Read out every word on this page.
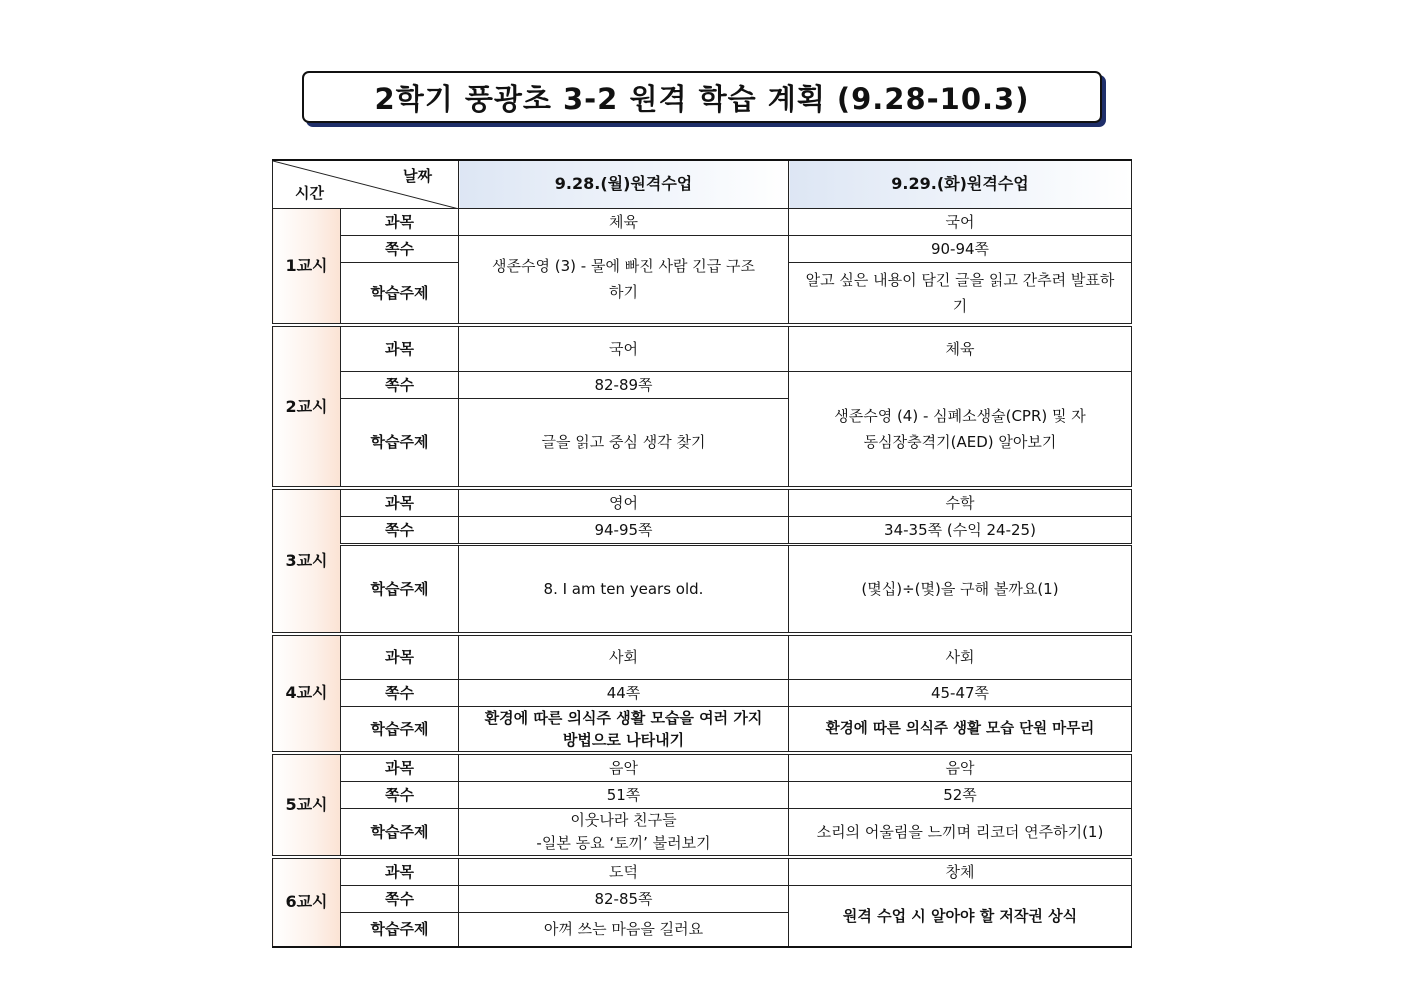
2학기 풍광초 3-2 원격 학습 계획 (9.28-10.3)
날짜
시간		9.28.(월)원격수업	9.29.(화)원격수업
1교시	과목	체육	국어
	쪽수	생존수영 (3) - 물에 빠진 사람 긴급 구조하기	90-94쪽
	학습주제		알고 싶은 내용이 담긴 글을 읽고 간추려 발표하기
2교시	과목	국어	체육
	쪽수	82-89쪽	생존수영 (4) - 심폐소생술(CPR) 및 자동심장충격기(AED) 알아보기
	학습주제	글을 읽고 중심 생각 찾기	
3교시	과목	영어	수학
	쪽수	94-95쪽	34-35쪽 (수익 24-25)
	학습주제	8. I am ten years old.	(몇십)÷(몇)을 구해 볼까요(1)
4교시	과목	사회	사회
	쪽수	44쪽	45-47쪽
	학습주제	환경에 따른 의식주 생활 모습을 여러 가지 방법으로 나타내기	환경에 따른 의식주 생활 모습 단원 마무리
5교시	과목	음악	음악
	쪽수	51쪽	52쪽
	학습주제	이웃나라 친구들
-일본 동요 ‘토끼’ 불러보기	소리의 어울림을 느끼며 리코더 연주하기(1)
6교시	과목	도덕	창체
	쪽수	82-85쪽	원격 수업 시 알아야 할 저작권 상식
	학습주제	아껴 쓰는 마음을 길러요	
